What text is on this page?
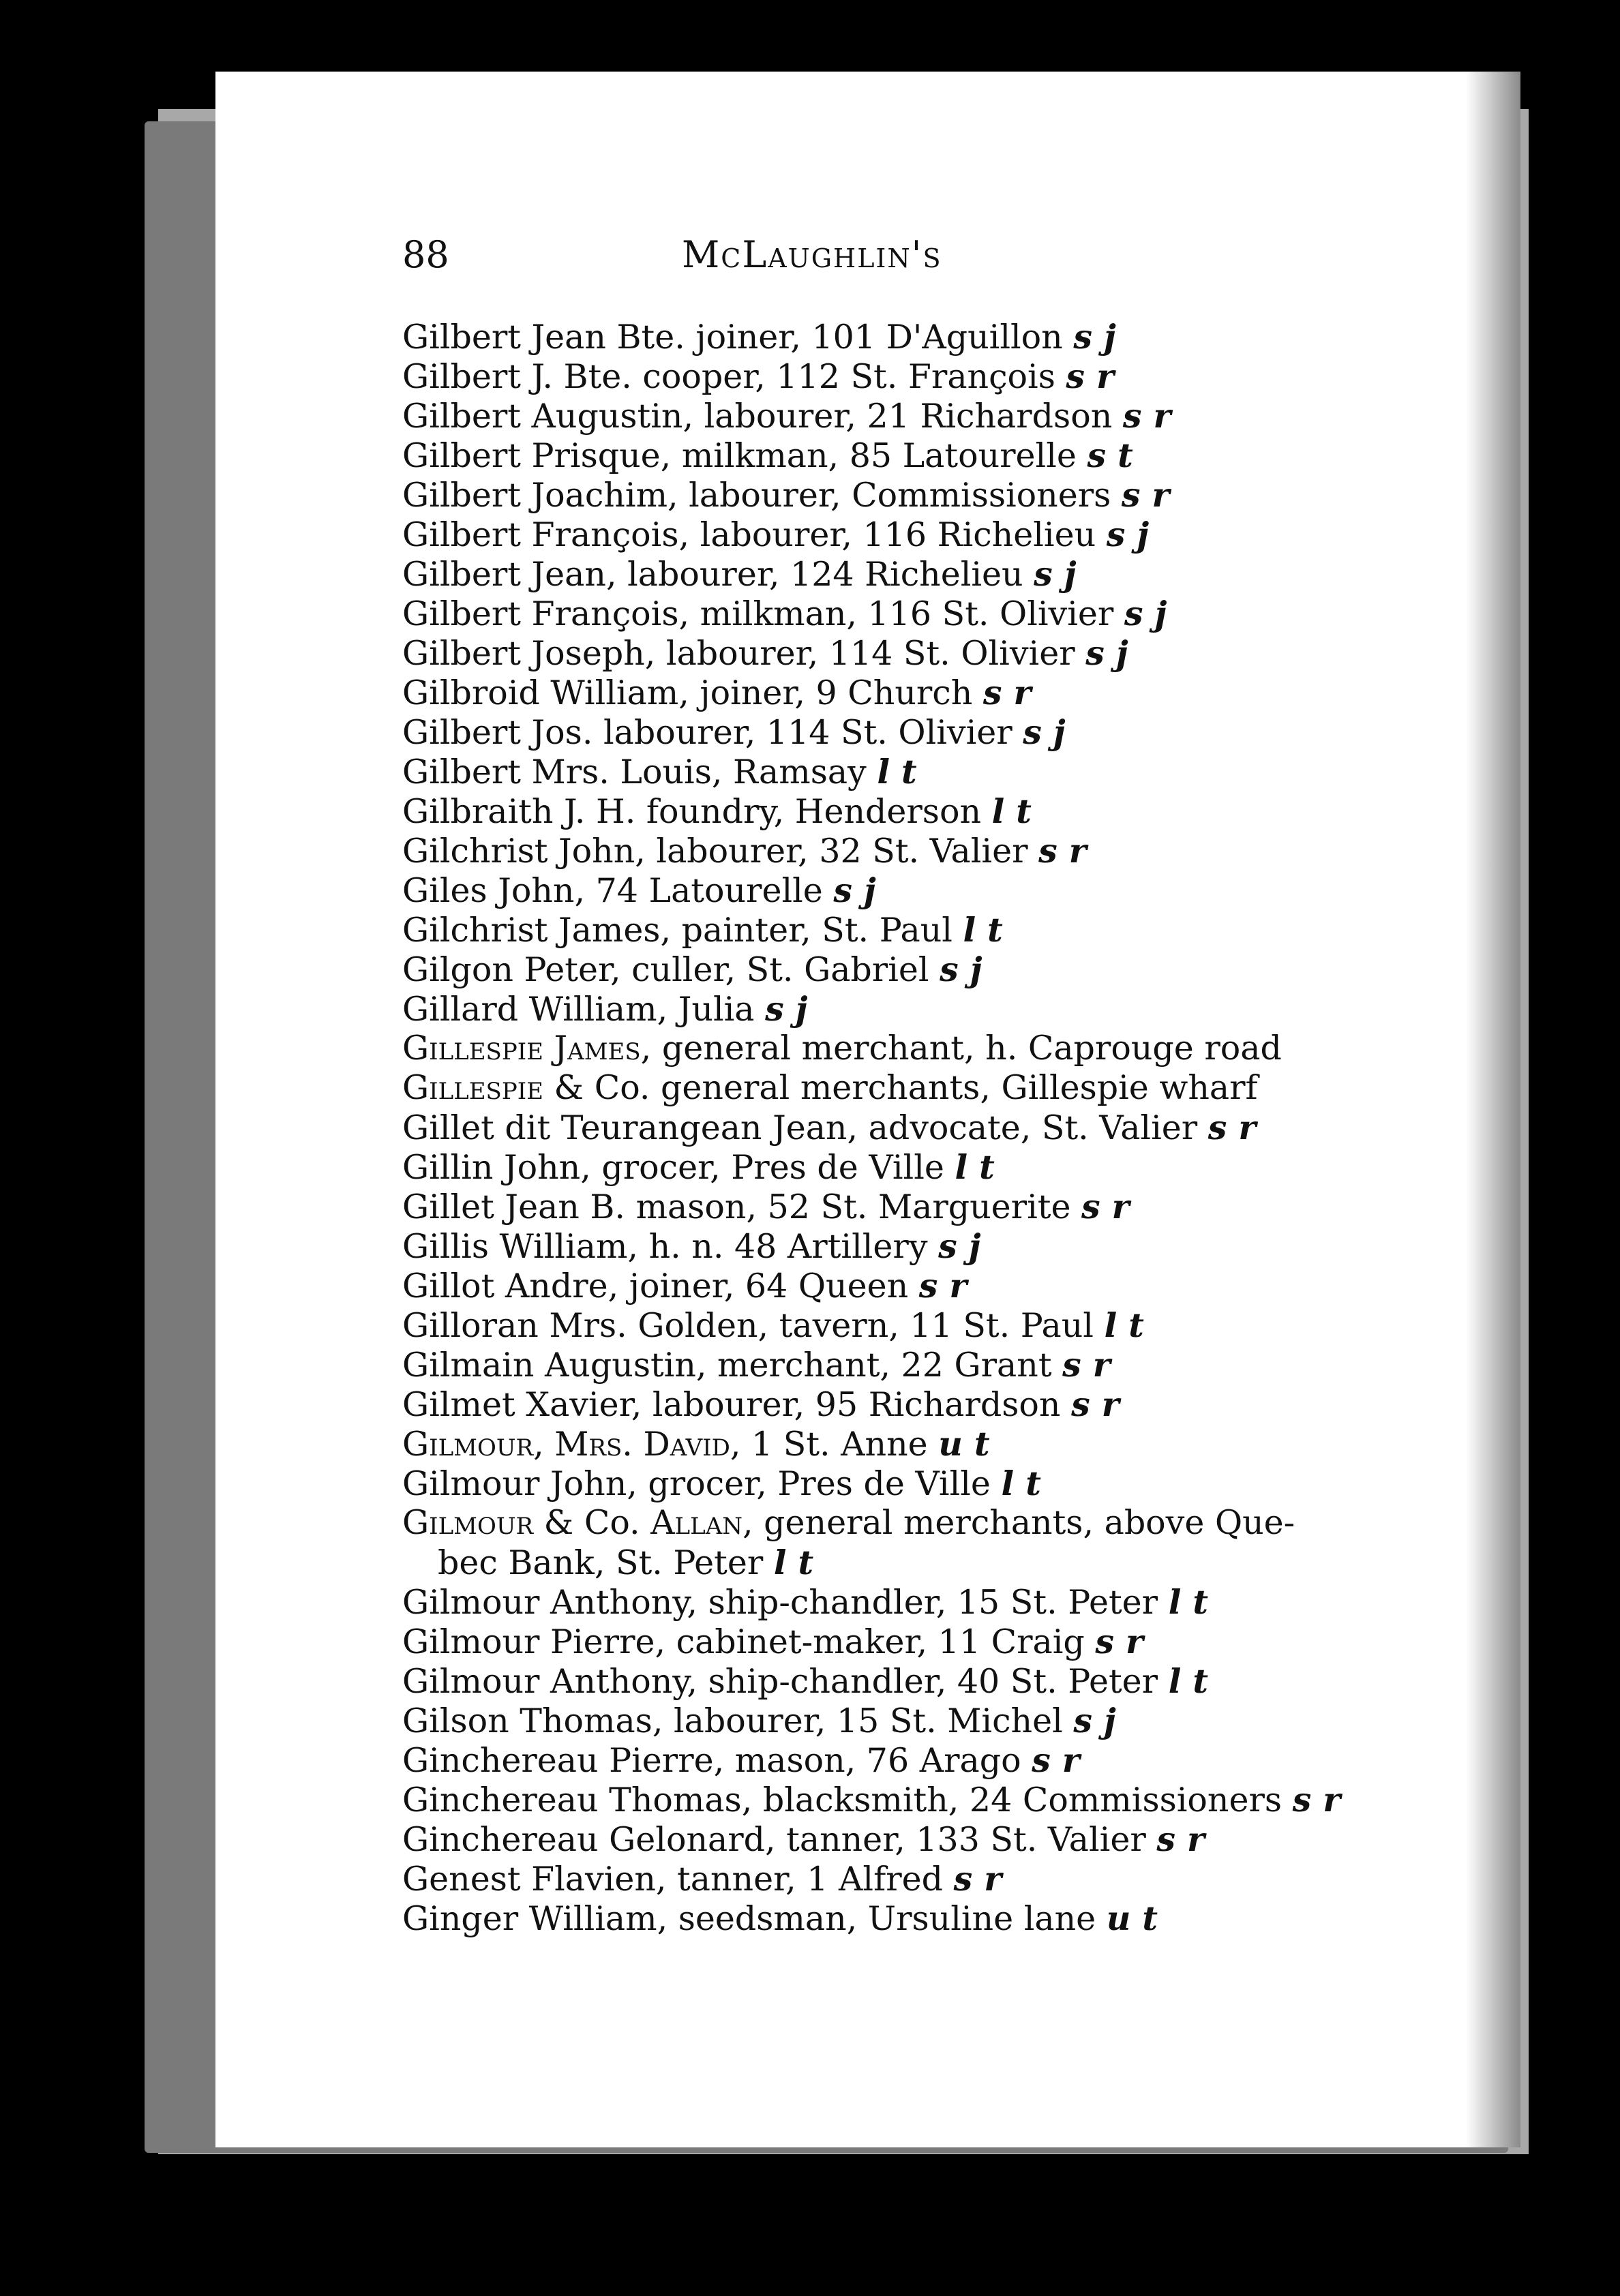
88	McLaughlin's
Gilbert Jean Bte. joiner, 101 D'Aguillon s j
Gilbert J. Bte. cooper, 112 St. François s r
Gilbert Augustin, labourer, 21 Richardson s r
Gilbert Prisque, milkman, 85 Latourelle s t
Gilbert Joachim, labourer, Commissioners s r
Gilbert François, labourer, 116 Richelieu s j
Gilbert Jean, labourer, 124 Richelieu s j
Gilbert François, milkman, 116 St. Olivier s j
Gilbert Joseph, labourer, 114 St. Olivier s j
Gilbroid William, joiner, 9 Church s r
Gilbert Jos. labourer, 114 St. Olivier s j
Gilbert Mrs. Louis, Ramsay l t
Gilbraith J. H. foundry, Henderson l t
Gilchrist John, labourer, 32 St. Valier s r
Giles John, 74 Latourelle s j
Gilchrist James, painter, St. Paul l t
Gilgon Peter, culler, St. Gabriel s j
Gillard William, Julia s j
Gillespie James, general merchant, h. Caprouge road
Gillespie & Co. general merchants, Gillespie wharf
Gillet dit Teurangean Jean, advocate, St. Valier s r
Gillin John, grocer, Pres de Ville l t
Gillet Jean B. mason, 52 St. Marguerite s r
Gillis William, h. n. 48 Artillery s j
Gillot Andre, joiner, 64 Queen s r
Gilloran Mrs. Golden, tavern, 11 St. Paul l t
Gilmain Augustin, merchant, 22 Grant s r
Gilmet Xavier, labourer, 95 Richardson s r
Gilmour, Mrs. David, 1 St. Anne u t
Gilmour John, grocer, Pres de Ville l t
Gilmour & Co. Allan, general merchants, above Que-
bec Bank, St. Peter l t
Gilmour Anthony, ship-chandler, 15 St. Peter l t
Gilmour Pierre, cabinet-maker, 11 Craig s r
Gilmour Anthony, ship-chandler, 40 St. Peter l t
Gilson Thomas, labourer, 15 St. Michel s j
Ginchereau Pierre, mason, 76 Arago s r
Ginchereau Thomas, blacksmith, 24 Commissioners s r
Ginchereau Gelonard, tanner, 133 St. Valier s r
Genest Flavien, tanner, 1 Alfred s r
Ginger William, seedsman, Ursuline lane u t
